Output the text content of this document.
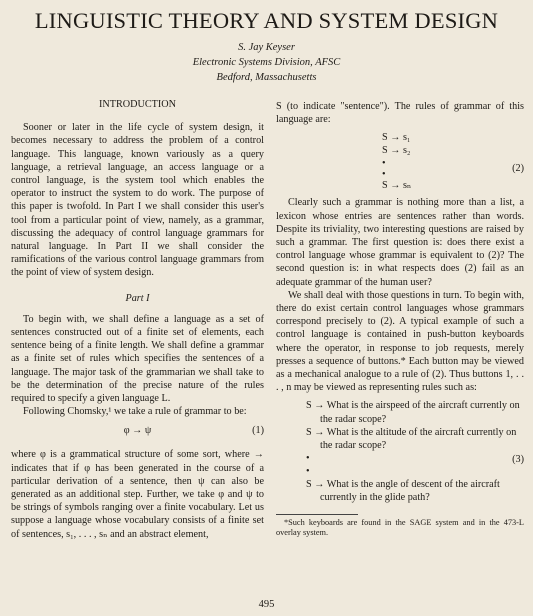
LINGUISTIC THEORY AND SYSTEM DESIGN
S. Jay Keyser
Electronic Systems Division, AFSC
Bedford, Massachusetts
INTRODUCTION

Sooner or later in the life cycle of system design, it becomes necessary to address the problem of a control language. This language, known variously as a query language, a retrieval language, an access language or a control language, is the system tool which enables the operator to instruct the system to do work. The purpose of this paper is twofold. In Part I we shall consider this user's tool from a particular point of view, namely, as a grammar, discussing the adequacy of control language grammars for natural language. In Part II we shall consider the ramifications of the various control language grammars from the point of view of system design.

Part I

To begin with, we shall define a language as a set of sentences constructed out of a finite set of elements, each sentence being of a finite length. We shall define a grammar as a finite set of rules which specifies the sentences of a language. The major task of the grammarian we shall take to be the determination of the precise nature of the rules required to specify a given language L.

Following Chomsky,¹ we take a rule of grammar to be:

φ → ψ	(1)

where φ is a grammatical structure of some sort, where → indicates that if φ has been generated in the course of a particular derivation of a sentence, then ψ can also be generated as an additional step. Further, we take φ and ψ to be strings of symbols ranging over a finite vocabulary. Let us suppose a language whose vocabulary consists of a finite set of sentences, s₁, . . . , sₙ and an abstract element,

S (to indicate "sentence"). The rules of grammar of this language are:

S → s₁
S → s₂
•
•
S → sₙ
(2)

Clearly such a grammar is nothing more than a list, a lexicon whose entries are sentences rather than words. Despite its triviality, two interesting questions are raised by such a grammar. The first question is: does there exist a control language whose grammar is equivalent to (2)? The second question is: in what respects does (2) fail as an adequate grammar of the human user?

We shall deal with those questions in turn. To begin with, there do exist certain control languages whose grammars correspond precisely to (2). A typical example of such a control language is contained in push-button keyboards where the operator, in response to job requests, merely presses a sequence of buttons.* Each button may be viewed as a mechanical analogue to a rule of (2). Thus buttons 1, . . . , n may be viewed as representing rules such as:

S → What is the airspeed of the aircraft currently on the radar scope?
S → What is the altitude of the aircraft currently on the radar scope?
•
•
S → What is the angle of descent of the aircraft currently in the glide path?
(3)
*Such keyboards are found in the SAGE system and in the 473-L overlay system.
495
